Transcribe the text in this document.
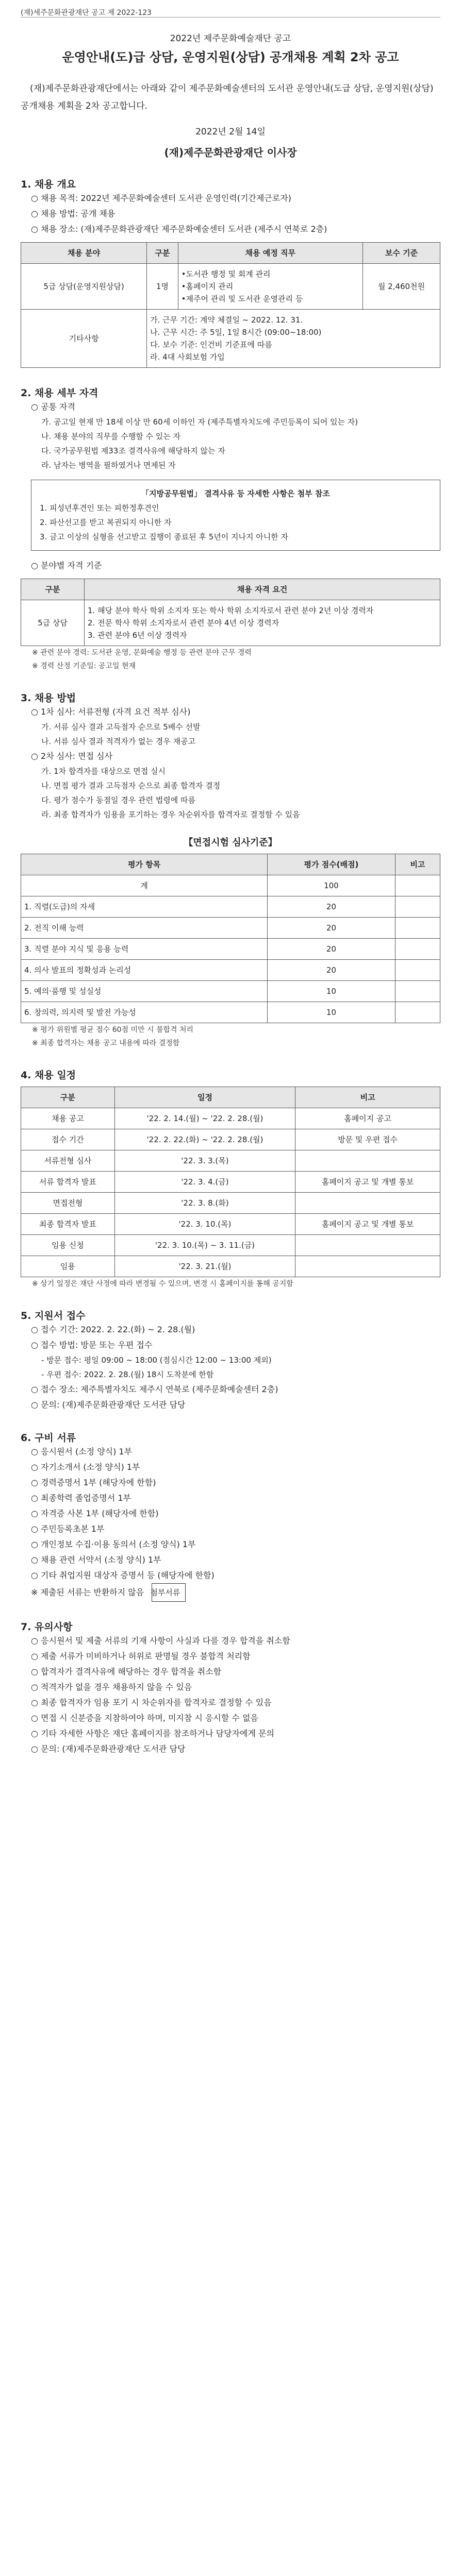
(재)세주문화관광재단 공고 제 2022-123
2022년 제주문화예술재단 공고
운영안내(도)급 상담, 운영지원(상담) 공개채용 계획 2차 공고
(재)제주문화관광재단에서는 아래와 같이 제주문화예술센터의 도서관 운영안내(도급 상담, 운영지원(상담) 공개채용 계획을 2차 공고합니다.
2022년 2월 14일
(재)제주문화관광재단 이사장
1. 채용 개요
○ 채용 목적: 2022년 제주문화예술센터 도서관 운영인력(기간제근로자)
○ 채용 방법: 공개 채용
○ 채용 장소: (재)제주문화관광재단 제주문화예술센터 도서관 (제주시 연북로 2층)
채용 분야	구분	채용 예정 직무	보수 기준
5급 상담(운영지원상담)	1명	•도서관 행정 및 회계 관리
•홈페이지 관리
•제주어 관리 및 도서관 운영관리 등	월 2,460천원
기타사항	가. 근무 기간: 계약 체결일 ~ 2022. 12. 31.
나. 근무 시간: 주 5일, 1일 8시간 (09:00~18:00)
다. 보수 기준: 인건비 기준표에 따름
라. 4대 사회보험 가입		
2. 채용 세부 자격
○ 공통 자격
가. 공고일 현재 만 18세 이상 만 60세 이하인 자 (제주특별자치도에 주민등록이 되어 있는 자)
나. 채용 분야의 직무를 수행할 수 있는 자
다. 국가공무원법 제33조 결격사유에 해당하지 않는 자
라. 남자는 병역을 필하였거나 면제된 자
「지방공무원법」 결격사유 등 자세한 사항은 첨부 참조
1. 피성년후견인 또는 피한정후견인
2. 파산선고를 받고 복권되지 아니한 자
3. 금고 이상의 실형을 선고받고 집행이 종료된 후 5년이 지나지 아니한 자
○ 분야별 자격 기준
구분	채용 자격 요건
5급 상담	1. 해당 분야 학사 학위 소지자 또는 학사 학위 소지자로서 관련 분야 2년 이상 경력자
2. 전문 학사 학위 소지자로서 관련 분야 4년 이상 경력자
3. 관련 분야 6년 이상 경력자
※ 관련 분야 경력: 도서관 운영, 문화예술 행정 등 관련 분야 근무 경력
※ 경력 산정 기준일: 공고일 현재
3. 채용 방법
○ 1차 심사: 서류전형 (자격 요건 적부 심사)
가. 서류 심사 결과 고득점자 순으로 5배수 선발
나. 서류 심사 결과 적격자가 없는 경우 재공고
○ 2차 심사: 면접 심사
가. 1차 합격자를 대상으로 면접 실시
나. 면접 평가 결과 고득점자 순으로 최종 합격자 결정
다. 평가 점수가 동점일 경우 관련 법령에 따름
라. 최종 합격자가 임용을 포기하는 경우 차순위자를 합격자로 결정할 수 있음
【면접시험 심사기준】
평가 항목	평가 점수(배점)	비고
계	100	
1. 직렬(도급)의 자세	20	
2. 전직 이해 능력	20	
3. 직렬 분야 지식 및 응용 능력	20	
4. 의사 발표의 정확성과 논리성	20	
5. 예의·품행 및 성실성	10	
6. 창의력, 의지력 및 발전 가능성	10	
※ 평가 위원별 평균 점수 60점 미만 시 불합격 처리
※ 최종 합격자는 채용 공고 내용에 따라 결정함
4. 채용 일정
구분	일정	비고
채용 공고	'22. 2. 14.(월) ~ '22. 2. 28.(월)	홈페이지 공고
접수 기간	'22. 2. 22.(화) ~ '22. 2. 28.(월)	방문 및 우편 접수
서류전형 심사	'22. 3. 3.(목)	
서류 합격자 발표	'22. 3. 4.(금)	홈페이지 공고 및 개별 통보
면접전형	'22. 3. 8.(화)	
최종 합격자 발표	'22. 3. 10.(목)	홈페이지 공고 및 개별 통보
임용 신청	'22. 3. 10.(목) ~ 3. 11.(금)	
임용	'22. 3. 21.(월)	
※ 상기 일정은 재단 사정에 따라 변경될 수 있으며, 변경 시 홈페이지를 통해 공지함
5. 지원서 접수
○ 접수 기간: 2022. 2. 22.(화) ~ 2. 28.(월)
○ 접수 방법: 방문 또는 우편 접수
- 방문 접수: 평일 09:00 ~ 18:00 (점심시간 12:00 ~ 13:00 제외)
- 우편 접수: 2022. 2. 28.(월) 18시 도착분에 한함
○ 접수 장소: 제주특별자치도 제주시 연북로 (제주문화예술센터 2층)
○ 문의: (재)제주문화관광재단 도서관 담당
6. 구비 서류
○ 응시원서 (소정 양식) 1부
○ 자기소개서 (소정 양식) 1부
○ 경력증명서 1부 (해당자에 한함)
○ 최종학력 졸업증명서 1부
○ 자격증 사본 1부 (해당자에 한함)
○ 주민등록초본 1부
○ 개인정보 수집·이용 동의서 (소정 양식) 1부
○ 채용 관련 서약서 (소정 양식) 1부
○ 기타 취업지원 대상자 증명서 등 (해당자에 한함)
※ 제출된 서류는 반환하지 않음 첨부서류
7. 유의사항
○ 응시원서 및 제출 서류의 기재 사항이 사실과 다를 경우 합격을 취소함
○ 제출 서류가 미비하거나 허위로 판명될 경우 불합격 처리함
○ 합격자가 결격사유에 해당하는 경우 합격을 취소함
○ 적격자가 없을 경우 채용하지 않을 수 있음
○ 최종 합격자가 임용 포기 시 차순위자를 합격자로 결정할 수 있음
○ 면접 시 신분증을 지참하여야 하며, 미지참 시 응시할 수 없음
○ 기타 자세한 사항은 재단 홈페이지를 참조하거나 담당자에게 문의
○ 문의: (재)제주문화관광재단 도서관 담당
